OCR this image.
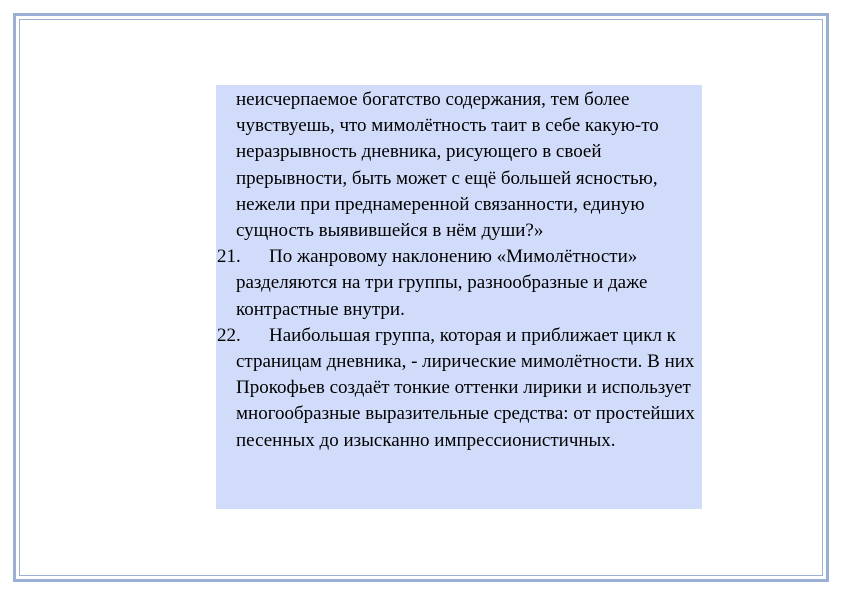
неисчерпаемое богатство содержания, тем более чувствуешь, что мимолётность таит в себе какую-то неразрывность дневника, рисующего в своей прерывности, быть может с ещё большей ясностью, нежели при преднамеренной связанности, единую сущность выявившейся в нём души?»

21. По жанровому наклонению «Мимолётности» разделяются на три группы, разнообразные и даже контрастные внутри.
22. Наибольшая группа, которая и приближает цикл к страницам дневника, - лирические мимолётности. В них Прокофьев создаёт тонкие оттенки лирики и использует многообразные выразительные средства: от простейших песенных до изысканно импрессионистичных.
